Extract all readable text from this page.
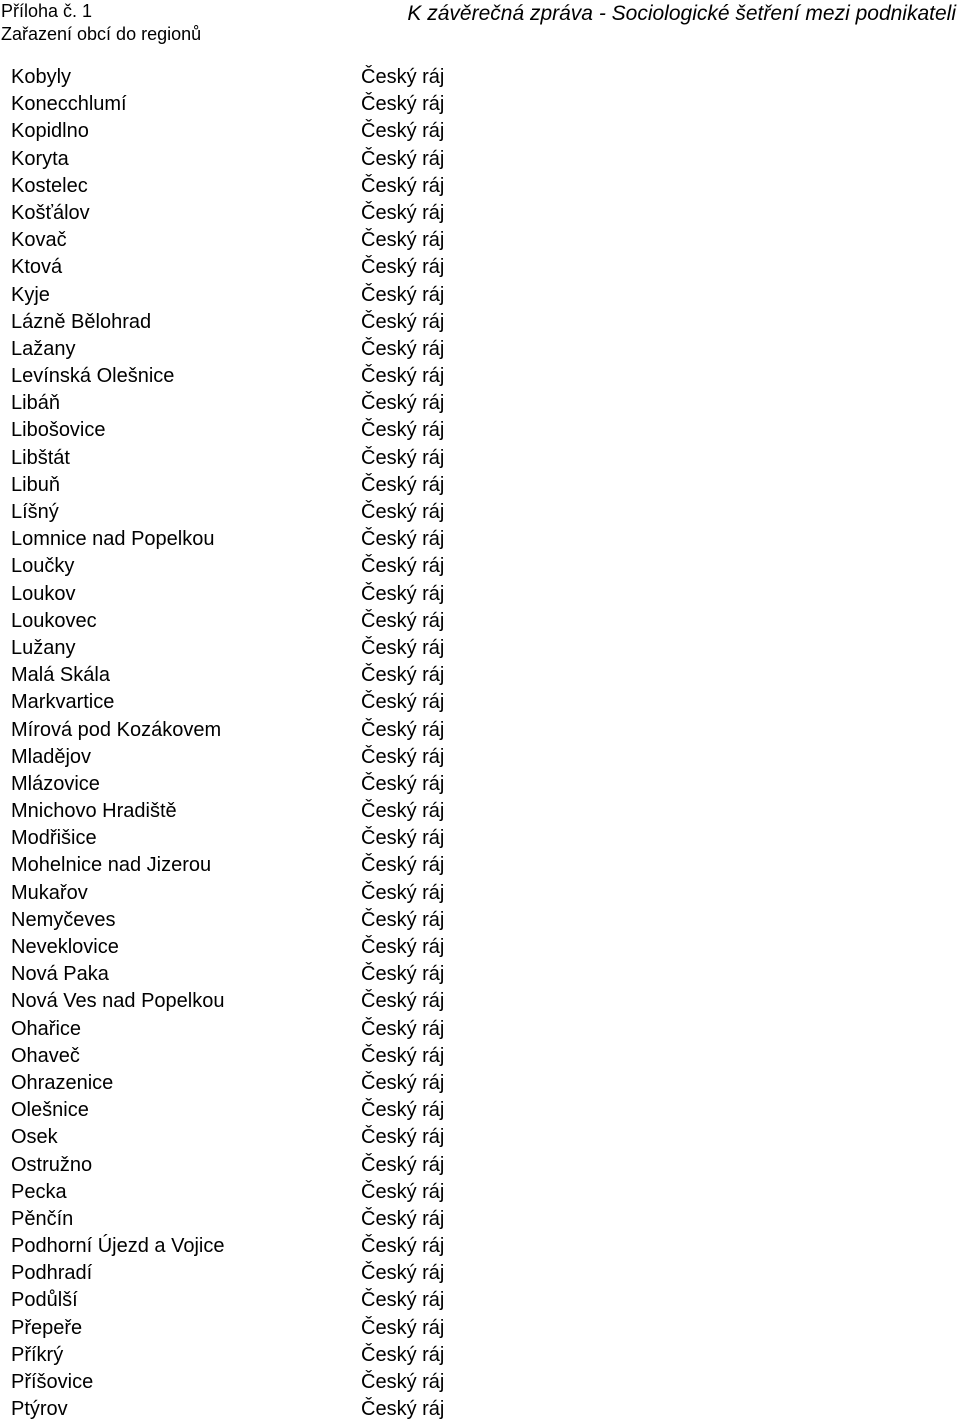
Příloha č. 1
Zařazení obcí do regionů
K závěrečná zpráva - Sociologické šetření mezi podnikateli
Kobyly	Český ráj
Konecchlumí	Český ráj
Kopidlno	Český ráj
Koryta	Český ráj
Kostelec	Český ráj
Košťálov	Český ráj
Kovač	Český ráj
Ktová	Český ráj
Kyje	Český ráj
Lázně Bělohrad	Český ráj
Lažany	Český ráj
Levínská Olešnice	Český ráj
Libáň	Český ráj
Libošovice	Český ráj
Libštát	Český ráj
Libuň	Český ráj
Líšný	Český ráj
Lomnice nad Popelkou	Český ráj
Loučky	Český ráj
Loukov	Český ráj
Loukovec	Český ráj
Lužany	Český ráj
Malá Skála	Český ráj
Markvartice	Český ráj
Mírová pod Kozákovem	Český ráj
Mladějov	Český ráj
Mlázovice	Český ráj
Mnichovo Hradiště	Český ráj
Modřišice	Český ráj
Mohelnice nad Jizerou	Český ráj
Mukařov	Český ráj
Nemyčeves	Český ráj
Neveklovice	Český ráj
Nová Paka	Český ráj
Nová Ves nad Popelkou	Český ráj
Ohařice	Český ráj
Ohaveč	Český ráj
Ohrazenice	Český ráj
Olešnice	Český ráj
Osek	Český ráj
Ostružno	Český ráj
Pecka	Český ráj
Pěnčín	Český ráj
Podhorní Újezd a Vojice	Český ráj
Podhradí	Český ráj
Podůlší	Český ráj
Přepeře	Český ráj
Příkrý	Český ráj
Příšovice	Český ráj
Ptýrov	Český ráj
